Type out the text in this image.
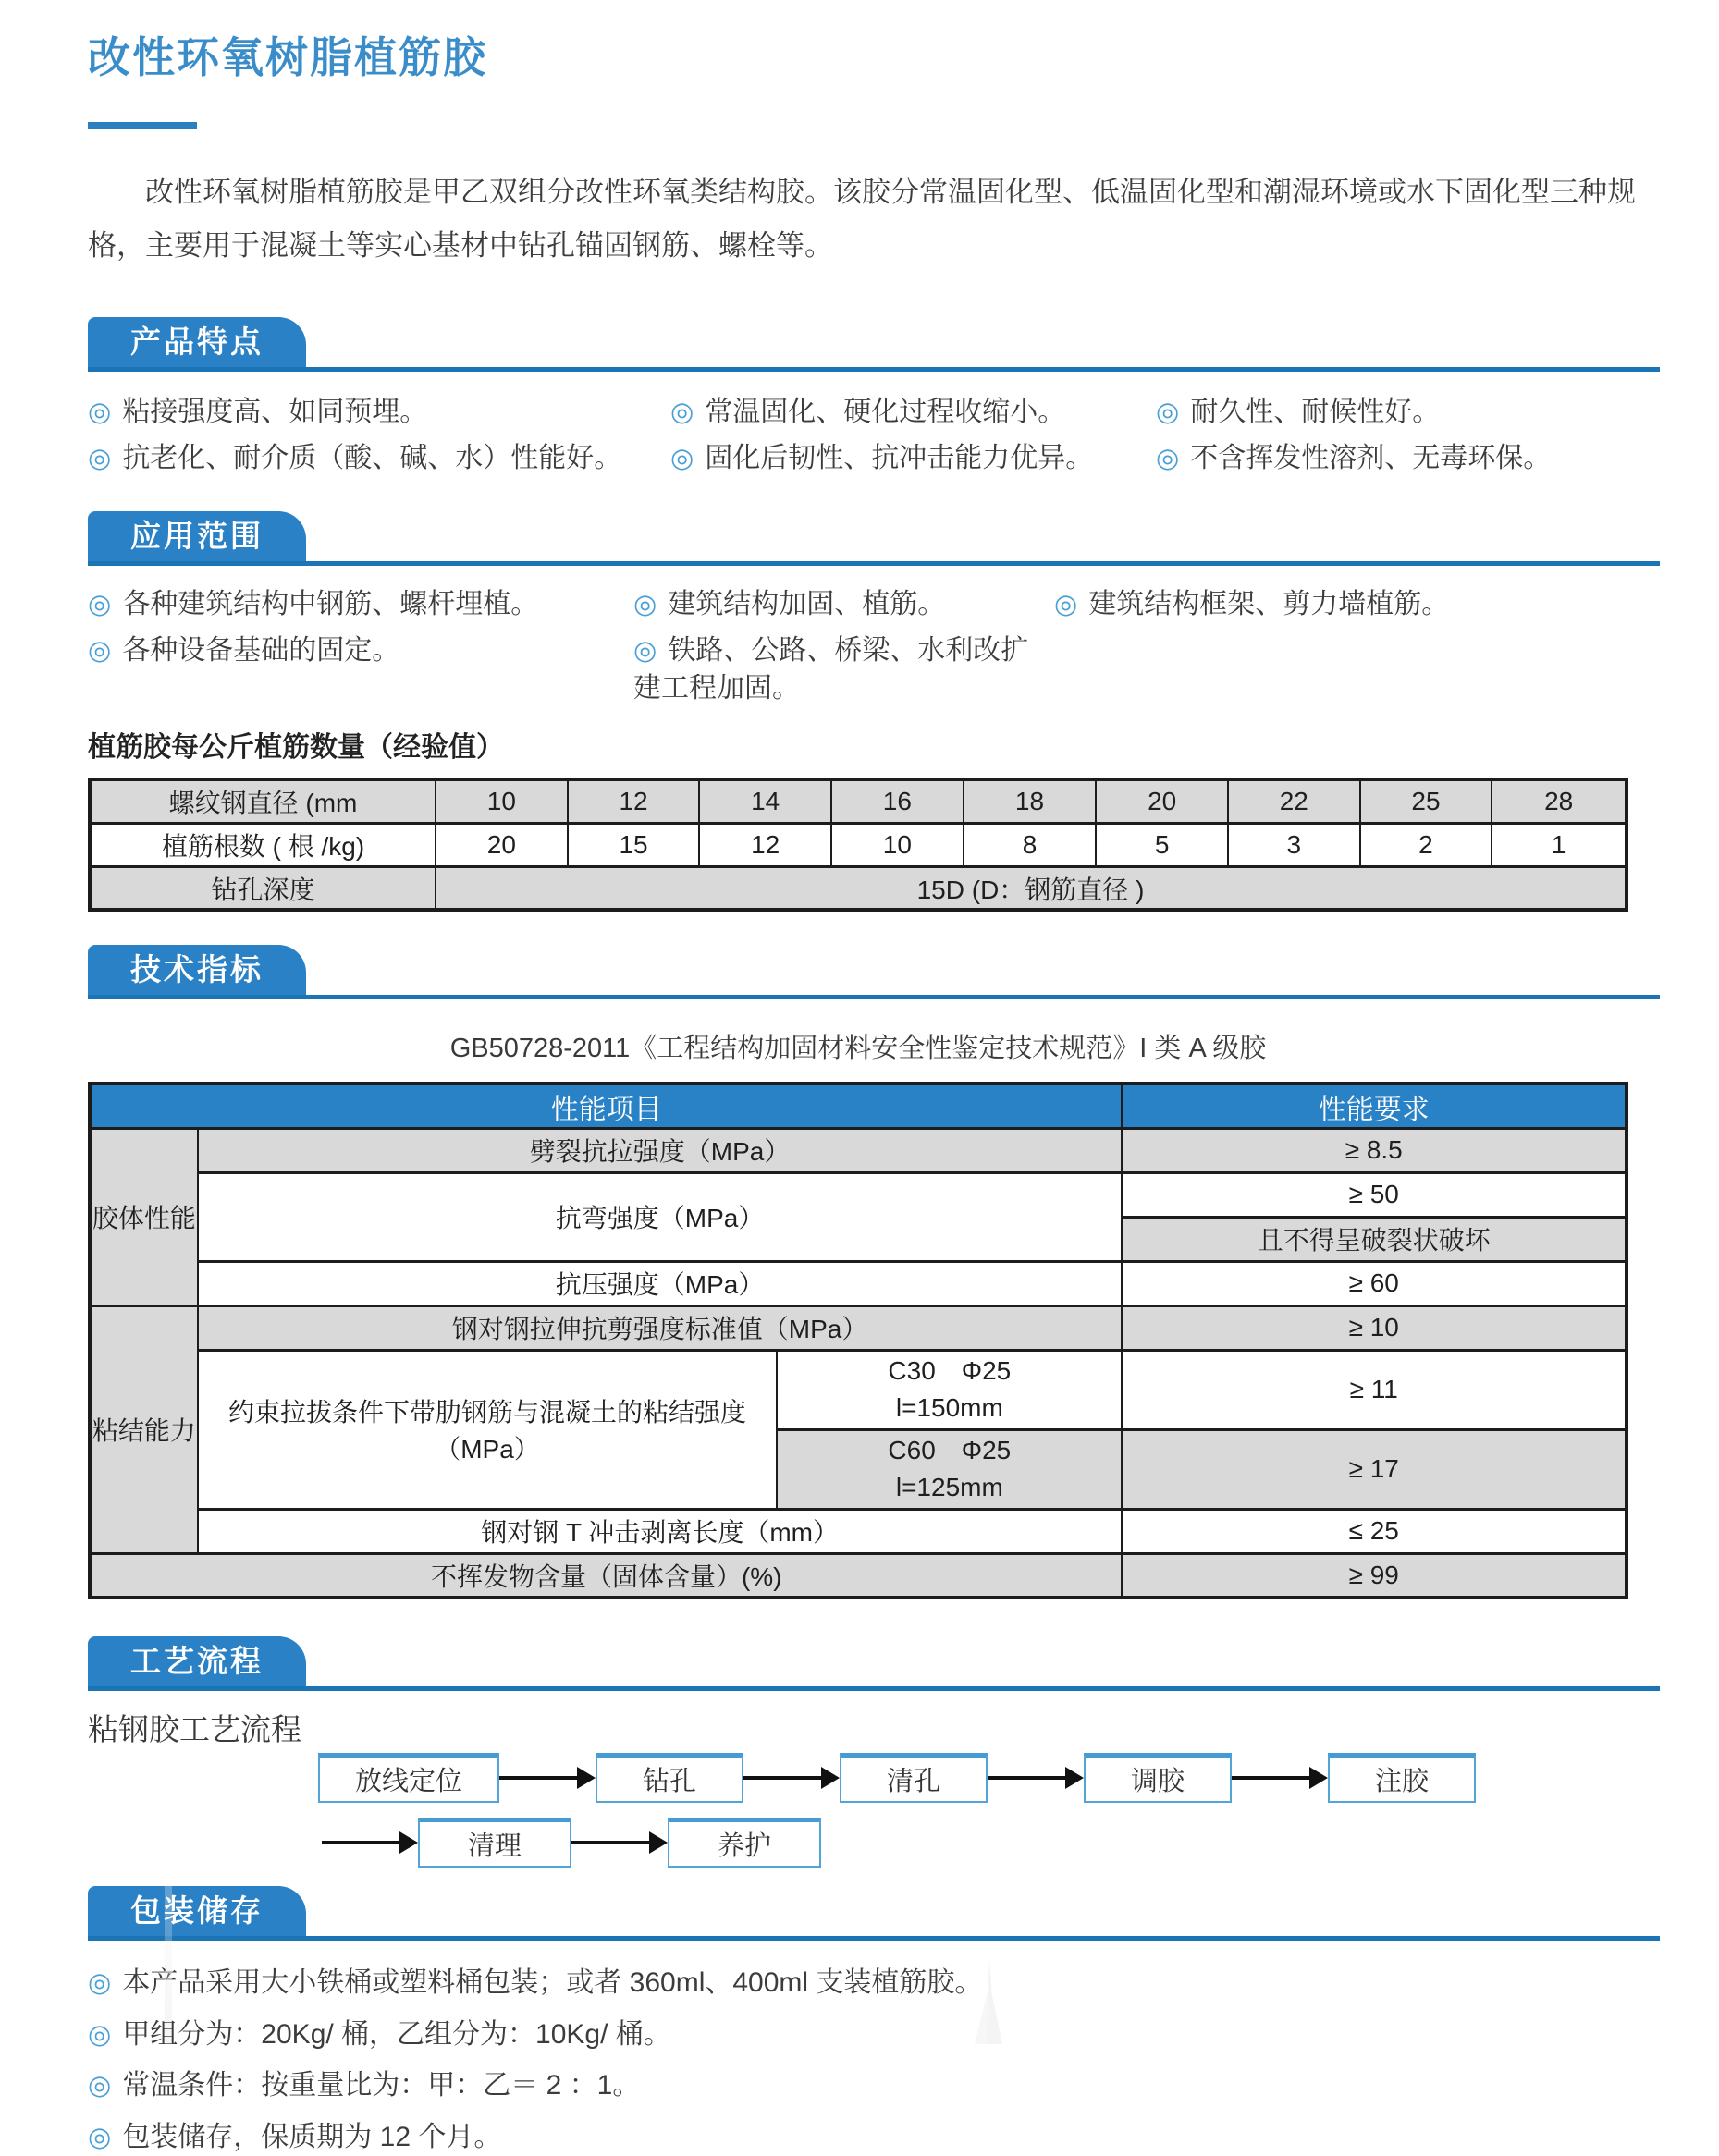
改性环氧树脂植筋胶

改性环氧树脂植筋胶是甲乙双组分改性环氧类结构胶。该胶分常温固化型、低温固化型和潮湿环境或水下固化型三种规格，主要用于混凝土等实心基材中钻孔锚固钢筋、螺栓等。

产品特点
◎ 粘接强度高、如同预埋。	◎ 常温固化、硬化过程收缩小。	◎ 耐久性、耐候性好。
◎ 抗老化、耐介质（酸、碱、水）性能好。	◎ 固化后韧性、抗冲击能力优异。	◎ 不含挥发性溶剂、无毒环保。
应用范围
◎ 各种建筑结构中钢筋、螺杆埋植。	◎ 建筑结构加固、植筋。	◎ 建筑结构框架、剪力墙植筋。
◎ 各种设备基础的固定。	◎ 铁路、公路、桥梁、水利改扩建工程加固。
植筋胶每公斤植筋数量（经验值）
螺纹钢直径 (mm	10	12	14	16	18	20	22	25	28
植筋根数 ( 根 /kg)	20	15	12	10	8	5	3	2	1
钻孔深度	15D (D：钢筋直径 )								
技术指标
GB50728-2011《工程结构加固材料安全性鉴定技术规范》I 类 A 级胶
性能项目			性能要求
胶体性能	劈裂抗拉强度（MPa）		≥ 8.5
	抗弯强度（MPa）		≥ 50
			且不得呈破裂状破坏
	抗压强度（MPa）		≥ 60
粘结能力	钢对钢拉伸抗剪强度标准值（MPa）		≥ 10
	约束拉拔条件下带肋钢筋与混凝土的粘结强度（MPa）	C30　Φ25
l=150mm	≥ 11

		C60　Φ25
l=125mm	≥ 17
	钢对钢 T 冲击剥离长度（mm）		≤ 25
不挥发物含量（固体含量）(%)			≥ 99
工艺流程
粘钢胶工艺流程
放线定位	钻孔	清孔	调胶	注胶
清理	养护
包装储存
◎ 本产品采用大小铁桶或塑料桶包装；或者 360ml、400ml 支装植筋胶。
◎ 甲组分为：20Kg/ 桶，乙组分为：10Kg/ 桶。
◎ 常温条件：按重量比为：甲：乙＝ 2 ：1。
◎ 包装储存，保质期为 12 个月。
